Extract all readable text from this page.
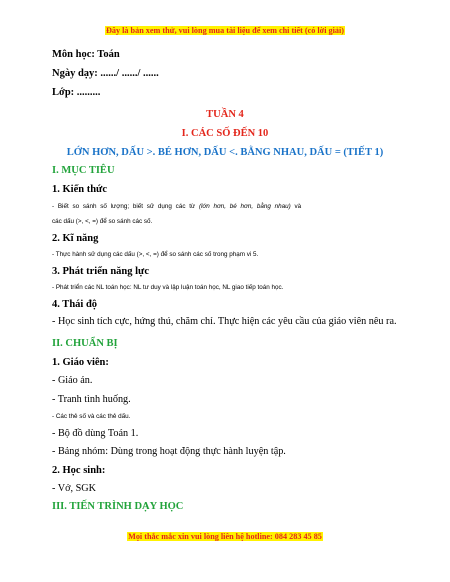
Đây là bản xem thử, vui lòng mua tài liệu để xem chi tiết (có lời giải)
Môn học: Toán
Ngày dạy: ....../ ....../ ......
Lớp: .........
TUẦN 4
I. CÁC SỐ ĐẾN 10
LỚN HƠN, DẤU >. BÉ HƠN, DẤU <. BẰNG NHAU, DẤU = (TIẾT 1)
I. MỤC TIÊU
1. Kiến thức
- Biết so sánh số lượng; biết sử dụng các từ (lớn hơn, bé hơn, bằng nhau) và
các dấu (>, <, =) để so sánh các số.
2. Kĩ năng
- Thực hành sử dụng các dấu (>, <, =) để so sánh các số trong phạm vi 5.
3. Phát triển năng lực
- Phát triển các NL toán học: NL tư duy và lập luận toán học, NL giao tiếp toán học.
4. Thái độ
- Học sinh tích cực, hứng thú, chăm chỉ. Thực hiện các yêu cầu của giáo viên nêu ra.
II. CHUẨN BỊ
1. Giáo viên:
- Giáo án.
- Tranh tình huống.
- Các thẻ số và các thẻ dấu.
- Bộ đồ dùng Toán 1.
- Bảng nhóm: Dùng trong hoạt động thực hành luyện tập.
2. Học sinh:
- Vở, SGK
III. TIẾN TRÌNH DẠY HỌC
Mọi thắc mắc xin vui lòng liên hệ hotline: 084 283 45 85
